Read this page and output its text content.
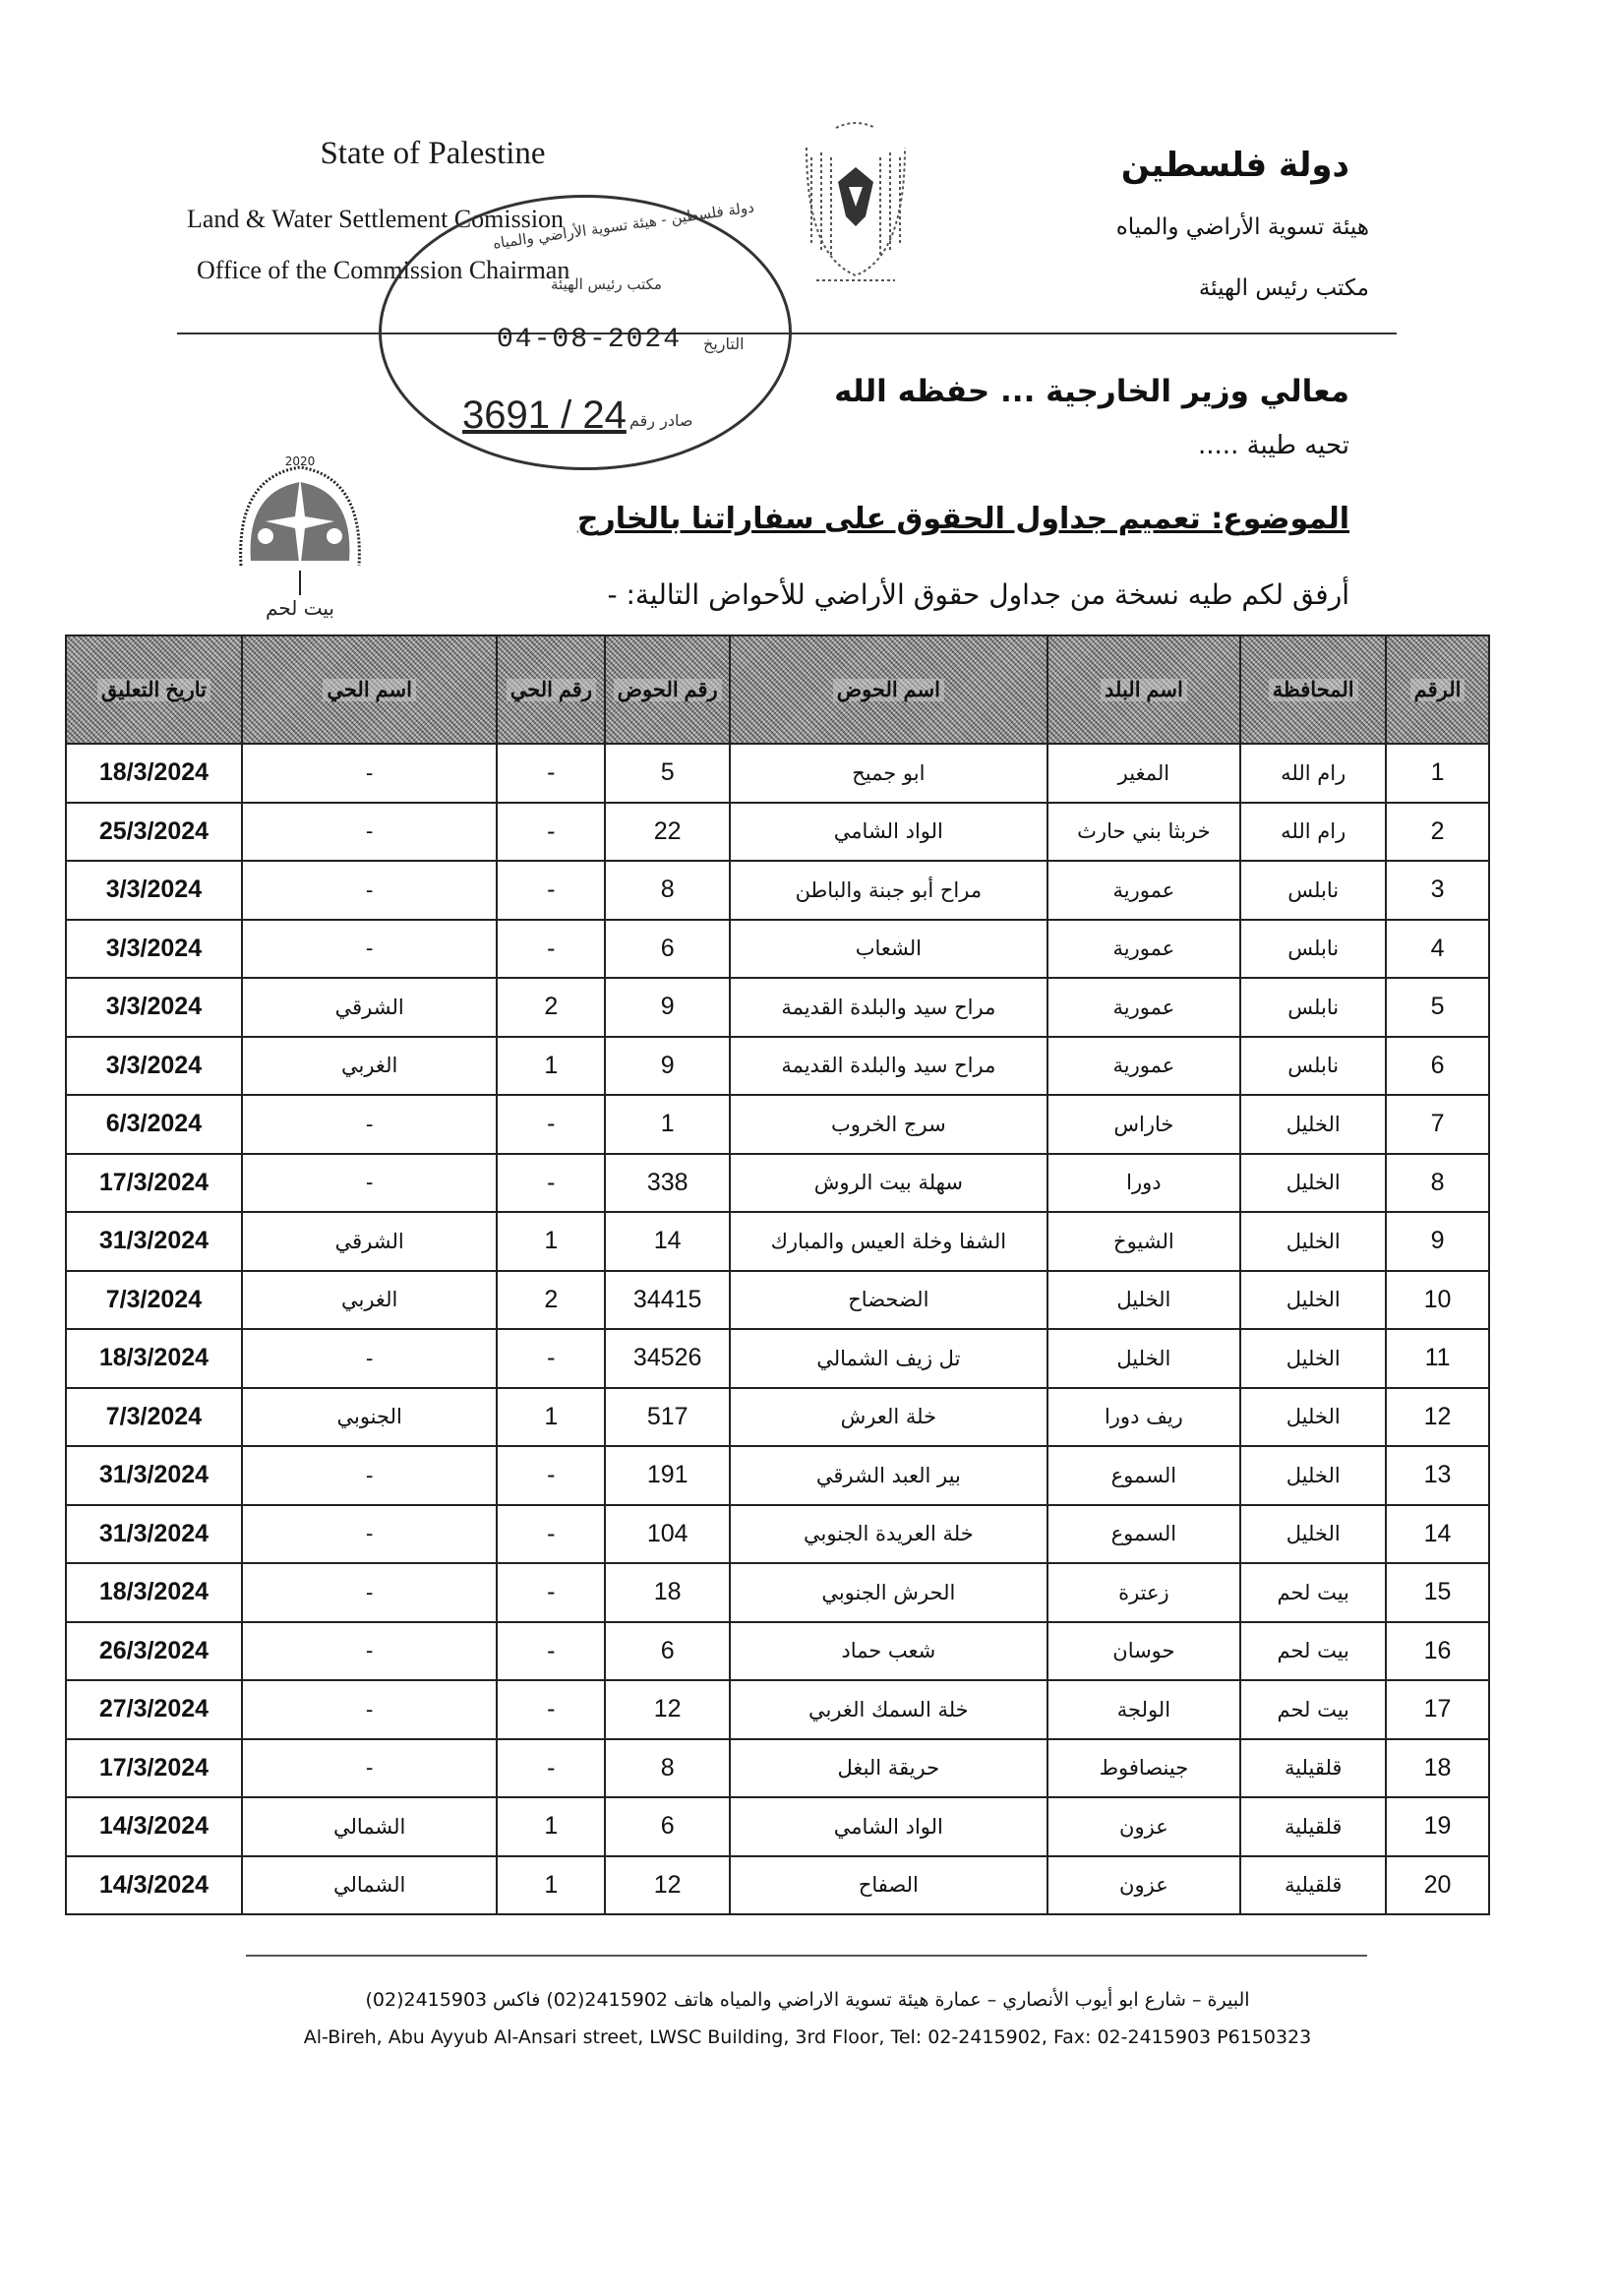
State of Palestine
Land & Water Settlement Comission
Office of the Commission Chairman
دولة فلسطين
هيئة تسوية الأراضي والمياه
مكتب رئيس الهيئة
دولة فلسطين - هيئة تسوية الأراضي والمياه
مكتب رئيس الهيئة
04-08-2024 التاريخ
3691 / 24 صادر رقم
معالي وزير الخارجية ... حفظه الله
تحيه طيبة .....
الموضوع: تعميم جداول الحقوق على سفاراتنا بالخارج
أرفق لكم طيه نسخة من جداول حقوق الأراضي للأحواض التالية: -
2020
بيت لحم
الرقم	المحافظة	اسم البلد	اسم الحوض	رقم الحوض	رقم الحي	اسم الحي	تاريخ التعليق
1	رام الله	المغير	ابو جميح	5	-	-	18/3/2024
2	رام الله	خربثا بني حارث	الواد الشامي	22	-	-	25/3/2024
3	نابلس	عمورية	مراح أبو جبنة والباطن	8	-	-	3/3/2024
4	نابلس	عمورية	الشعاب	6	-	-	3/3/2024
5	نابلس	عمورية	مراح سيد والبلدة القديمة	9	2	الشرقي	3/3/2024
6	نابلس	عمورية	مراح سيد والبلدة القديمة	9	1	الغربي	3/3/2024
7	الخليل	خاراس	سرج الخروب	1	-	-	6/3/2024
8	الخليل	دورا	سهلة بيت الروش	338	-	-	17/3/2024
9	الخليل	الشيوخ	الشفا وخلة العيس والمبارك	14	1	الشرقي	31/3/2024
10	الخليل	الخليل	الضحضاح	34415	2	الغربي	7/3/2024
11	الخليل	الخليل	تل زيف الشمالي	34526	-	-	18/3/2024
12	الخليل	ريف دورا	خلة العرش	517	1	الجنوبي	7/3/2024
13	الخليل	السموع	بير العبد الشرقي	191	-	-	31/3/2024
14	الخليل	السموع	خلة العريدة الجنوبي	104	-	-	31/3/2024
15	بيت لحم	زعترة	الحرش الجنوبي	18	-	-	18/3/2024
16	بيت لحم	حوسان	شعب حماد	6	-	-	26/3/2024
17	بيت لحم	الولجة	خلة السمك الغربي	12	-	-	27/3/2024
18	قلقيلية	جينصافوط	حريقة البغل	8	-	-	17/3/2024
19	قلقيلية	عزون	الواد الشامي	6	1	الشمالي	14/3/2024
20	قلقيلية	عزون	الصفاح	12	1	الشمالي	14/3/2024
البيرة – شارع ابو أيوب الأنصاري – عمارة هيئة تسوية الاراضي والمياه هاتف 2415902(02) فاكس 2415903(02)
Al-Bireh, Abu Ayyub Al-Ansari street, LWSC Building, 3rd Floor, Tel: 02-2415902, Fax: 02-2415903 P6150323
